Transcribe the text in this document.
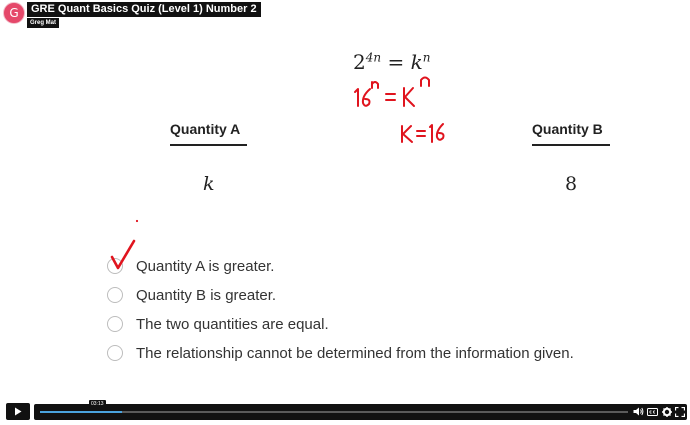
G	GRE Quant Basics Quiz (Level 1) Number 2
Greg Mat
$2^{4n} = k^n$
Quantity A	Quantity B
k	8
Quantity A is greater.
Quantity B is greater.
The two quantities are equal.
The relationship cannot be determined from the information given.
03:13
